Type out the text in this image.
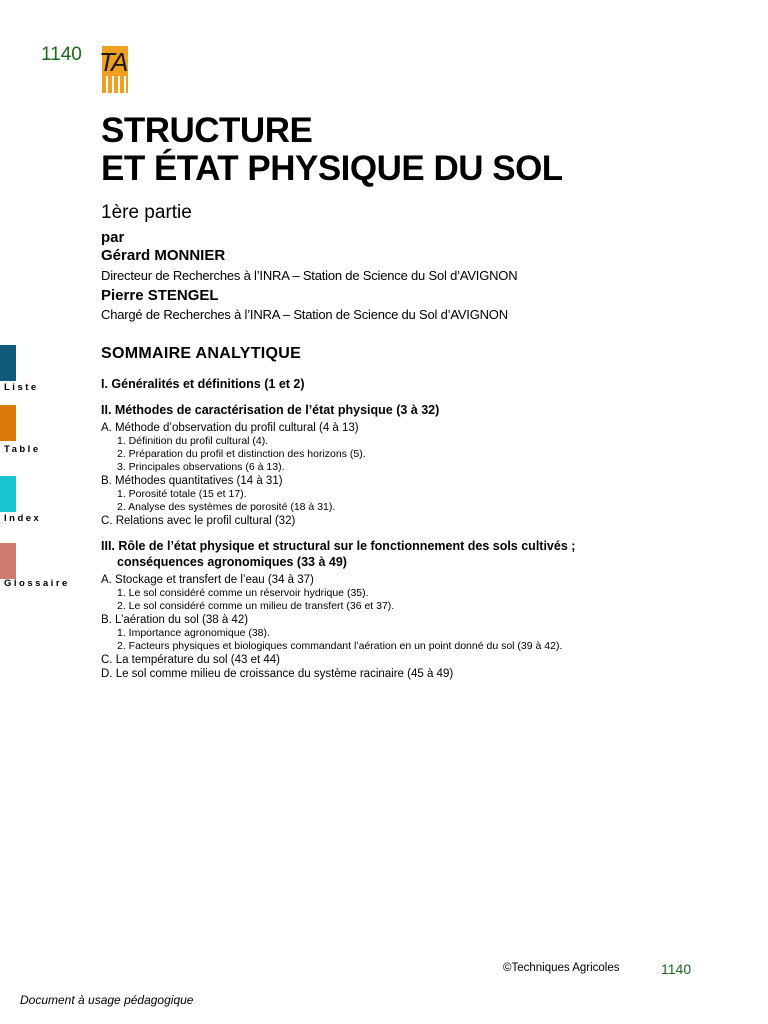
1140 TA
STRUCTURE
ET ÉTAT PHYSIQUE DU SOL
1ère partie
par
Gérard MONNIER
Directeur de Recherches à l’INRA – Station de Science du Sol d’AVIGNON
Pierre STENGEL
Chargé de Recherches à l’INRA – Station de Science du Sol d’AVIGNON
Liste
Table
Index
Glossaire
SOMMAIRE ANALYTIQUE
I. Généralités et définitions (1 et 2)
II. Méthodes de caractérisation de l’état physique (3 à 32)
A. Méthode d’observation du profil cultural (4 à 13)
1. Définition du profil cultural (4).
2. Préparation du profil et distinction des horizons (5).
3. Principales observations (6 à 13).
B. Méthodes quantitatives (14 à 31)
1. Porosité totale (15 et 17).
2. Analyse des systèmes de porosité (18 à 31).
C. Relations avec le profil cultural (32)
III. Rôle de l’état physique et structural sur le fonctionnement des sols cultivés ;
conséquences agronomiques (33 à 49)
A. Stockage et transfert de l’eau (34 à 37)
1. Le sol considéré comme un réservoir hydrique (35).
2. Le sol considéré comme un milieu de transfert (36 et 37).
B. L’aération du sol (38 à 42)
1. Importance agronomique (38).
2. Facteurs physiques et biologiques commandant l’aération en un point donné du sol (39 à 42).
C. La température du sol (43 et 44)
D. Le sol comme milieu de croissance du système racinaire (45 à 49)
©Techniques Agricoles	1140
Document à usage pédagogique
